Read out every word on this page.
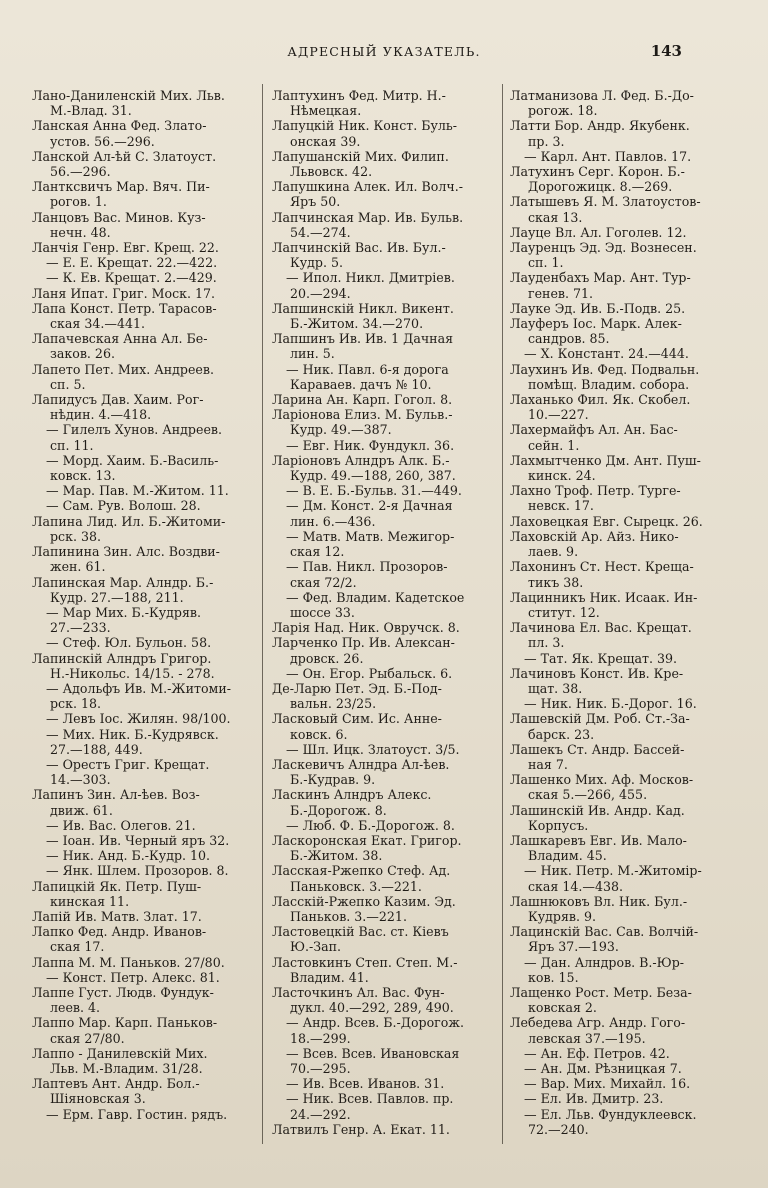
АДРЕСНЫЙ УКАЗАТЕЛЬ.	143
Лано-Даниленскій Мих. Льв.
М.-Влад. 31.
Ланская Анна Фед. Злато-
устов. 56.—296.
Ланской Ал-ѣй С. Златоуст.
56.—296.
Лантксвичъ Мар. Вяч. Пи-
рогов. 1.
Ланцовъ Вас. Минов. Куз-
нечн. 48.
Ланчія Генр. Евг. Крещ. 22.
— Е. Е. Крещат. 22.—422.
— К. Ев. Крещат. 2.—429.
Ланя Ипат. Григ. Моск. 17.
Лапа Конст. Петр. Тарасов-
ская 34.—441.
Лапачевская Анна Ал. Бе-
заков. 26.
Лапето Пет. Мих. Андреев.
сп. 5.
Лапидусъ Дав. Хаим. Рог-
нѣдин. 4.—418.
— Гилелъ Хунов. Андреев.
сп. 11.
— Морд. Хаим. Б.-Василь-
ковск. 13.
— Мар. Пав. М.-Житом. 11.
— Сам. Рув. Волош. 28.
Лапина Лид. Ил. Б.-Житоми-
рск. 38.
Лапинина Зин. Алс. Воздви-
жен. 61.
Лапинская Мар. Алндр. Б.-
Кудр. 27.—188, 211.
— Мар Мих. Б.-Кудряв.
27.—233.
— Стеф. Юл. Бульон. 58.
Лапинскій Алндръ Григор.
Н.-Никольс. 14/15. - 278.
— Адольфъ Ив. М.-Житоми-
рск. 18.
— Левъ Іос. Жилян. 98/100.
— Мих. Ник. Б.-Кудрявск.
27.—188, 449.
— Орестъ Григ. Крещат.
14.—303.
Лапинъ Зин. Ал-ѣев. Воз-
движ. 61.
— Ив. Вас. Олегов. 21.
— Іоан. Ив. Черный яръ 32.
— Ник. Анд. Б.-Кудр. 10.
— Янк. Шлем. Прозоров. 8.
Лапицкій Як. Петр. Пуш-
кинская 11.
Лапій Ив. Матв. Злат. 17.
Лапко Фед. Андр. Иванов-
ская 17.
Лаппа М. М. Паньков. 27/80.
— Конст. Петр. Алекс. 81.
Лаппе Густ. Людв. Фундук-
леев. 4.
Лаппо Мар. Карп. Паньков-
ская 27/80.
Лаппо - Данилевскій Мих.
Льв. М.-Владим. 31/28.
Лаптевъ Ант. Андр. Бол.-
Шіяновская 3.
— Ерм. Гавр. Гостин. рядъ.
Лаптухинъ Фед. Митр. Н.-
Нѣмецкая.
Лапуцкій Ник. Конст. Буль-
онская 39.
Лапушанскій Мих. Филип.
Львовск. 42.
Лапушкина Алек. Ил. Волч.-
Яръ 50.
Лапчинская Мар. Ив. Бульв.
54.—274.
Лапчинскій Вас. Ив. Бул.-
Кудр. 5.
— Ипол. Никл. Дмитріев.
20.—294.
Лапшинскій Никл. Викент.
Б.-Житом. 34.—270.
Лапшинъ Ив. Ив. 1 Дачная
лин. 5.
— Ник. Павл. 6-я дорога
Караваев. дачъ № 10.
Ларина Ан. Карп. Гогол. 8.
Ларіонова Елиз. М. Бульв.-
Кудр. 49.—387.
— Евг. Ник. Фундукл. 36.
Ларіоновъ Алндръ Алк. Б.-
Кудр. 49.—188, 260, 387.
— В. Е. Б.-Бульв. 31.—449.
— Дм. Конст. 2-я Дачная
лин. 6.—436.
— Матв. Матв. Межигор-
ская 12.
— Пав. Никл. Прозоров-
ская 72/2.
— Фед. Владим. Кадетское
шоссе 33.
Ларія Над. Ник. Овручск. 8.
Ларченко Пр. Ив. Алексан-
дровск. 26.
— Он. Егор. Рыбальск. 6.
Де-Ларю Пет. Эд. Б.-Под-
вальн. 23/25.
Ласковый Сим. Ис. Анне-
ковск. 6.
— Шл. Ицк. Златоуст. 3/5.
Ласкевичъ Алндра Ал-ѣев.
Б.-Кудрав. 9.
Ласкинъ Алндръ Алекс.
Б.-Дорогож. 8.
— Люб. Ф. Б.-Дорогож. 8.
Ласкоронская Екат. Григор.
Б.-Житом. 38.
Ласская-Ржепко Стеф. Ад.
Паньковск. 3.—221.
Ласскій-Ржепко Казим. Эд.
Паньков. 3.—221.
Ластовецкій Вас. ст. Кіевъ
Ю.-Зап.
Ластовкинъ Степ. Степ. М.-
Владим. 41.
Ласточкинъ Ал. Вас. Фун-
дукл. 40.—292, 289, 490.
— Андр. Всев. Б.-Дорогож.
18.—299.
— Всев. Всев. Ивановская
70.—295.
— Ив. Всев. Иванов. 31.
— Ник. Всев. Павлов. пр.
24.—292.
Латвилъ Генр. А. Екат. 11.
Латманизова Л. Фед. Б.-До-
рогож. 18.
Латти Бор. Андр. Якубенк.
пр. 3.
— Карл. Ант. Павлов. 17.
Латухинъ Серг. Корон. Б.-
Дорогожицк. 8.—269.
Латышевъ Я. М. Златоустов-
ская 13.
Лауце Вл. Ал. Гоголев. 12.
Лауренцъ Эд. Эд. Вознесен.
сп. 1.
Лауденбахъ Мар. Ант. Тур-
генев. 71.
Лауке Эд. Ив. Б.-Подв. 25.
Лауферъ Іос. Марк. Алек-
сандров. 85.
— Х. Констант. 24.—444.
Лаухинъ Ив. Фед. Подвальн.
помѣщ. Владим. собора.
Лаханько Фил. Як. Скобел.
10.—227.
Лахермайфъ Ал. Ан. Бас-
сейн. 1.
Лахмытченко Дм. Ант. Пуш-
кинск. 24.
Лахно Троф. Петр. Турге-
невск. 17.
Лаховецкая Евг. Сырецк. 26.
Лаховскій Ар. Айз. Нико-
лаев. 9.
Лахонинъ Ст. Нест. Крещa-
тикъ 38.
Лацинникъ Ник. Исаак. Ин-
ститут. 12.
Лачинова Ел. Вас. Крещат.
пл. 3.
— Тат. Як. Крещат. 39.
Лачиновъ Конст. Ив. Кре-
щат. 38.
— Ник. Ник. Б.-Дорог. 16.
Лашевскій Дм. Роб. Ст.-За-
барск. 23.
Лашекъ Ст. Андр. Бассей-
ная 7.
Лашенко Мих. Аф. Москов-
ская 5.—266, 455.
Лашинскій Ив. Андр. Кад.
Корпусъ.
Лашкаревъ Евг. Ив. Мало-
Владим. 45.
— Ник. Петр. М.-Житомір-
ская 14.—438.
Лашнюковъ Вл. Ник. Бул.-
Кудряв. 9.
Лацинскій Вас. Сав. Волчій-
Яръ 37.—193.
— Дан. Алндров. В.-Юр-
ков. 15.
Лащенко Рост. Метр. Беза-
ковская 2.
Лебедева Агр. Андр. Гого-
левская 37.—195.
— Ан. Еф. Петров. 42.
— Ан. Дм. Рѣзницкая 7.
— Вар. Мих. Михайл. 16.
— Ел. Ив. Дмитр. 23.
— Ел. Льв. Фундуклеевск.
72.—240.
